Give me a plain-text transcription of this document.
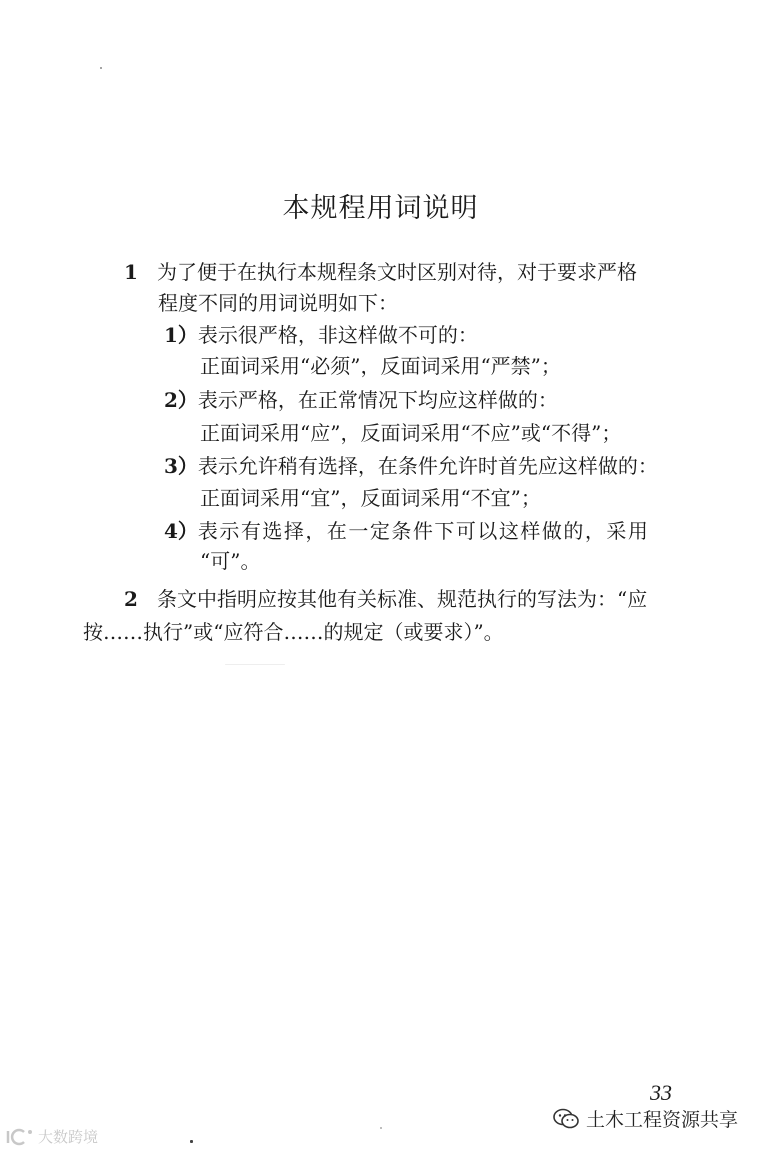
本规程用词说明
1 为了便于在执行本规程条文时区别对待，对于要求严格
程度不同的用词说明如下：
1）表示很严格，非这样做不可的：
正面词采用“必须”，反面词采用“严禁”；
2）表示严格，在正常情况下均应这样做的：
正面词采用“应”，反面词采用“不应”或“不得”；
3）表示允许稍有选择，在条件允许时首先应这样做的：
正面词采用“宜”，反面词采用“不宜”；
4）表示有选择，在一定条件下可以这样做的，采用
“可”。
2 条文中指明应按其他有关标准、规范执行的写法为：“应
按……执行”或“应符合……的规定（或要求）”。
33
土木工程资源共享
大数跨境
